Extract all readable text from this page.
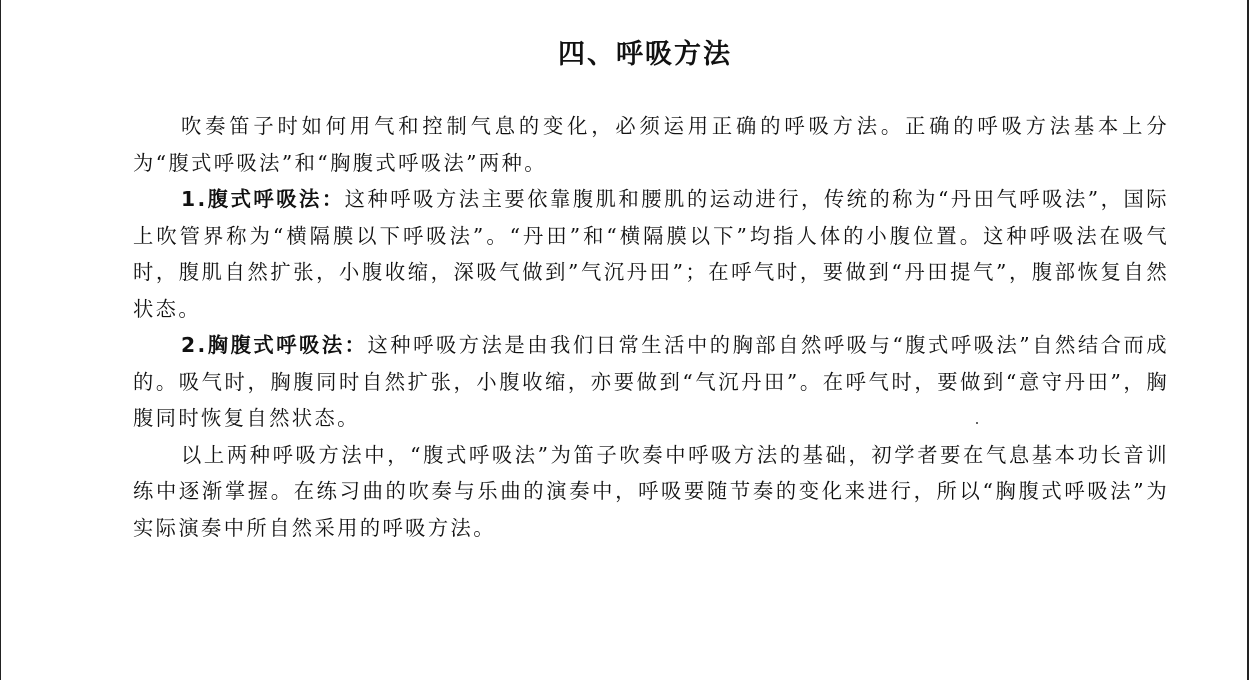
四、呼吸方法

吹奏笛子时如何用气和控制气息的变化，必须运用正确的呼吸方法。正确的呼吸方法基本上分为“腹式呼吸法”和“胸腹式呼吸法”两种。

1.腹式呼吸法：这种呼吸方法主要依靠腹肌和腰肌的运动进行，传统的称为“丹田气呼吸法”，国际上吹管界称为“横隔膜以下呼吸法”。“丹田”和“横隔膜以下”均指人体的小腹位置。这种呼吸法在吸气时，腹肌自然扩张，小腹收缩，深吸气做到”气沉丹田”；在呼气时，要做到“丹田提气”，腹部恢复自然状态。

2.胸腹式呼吸法：这种呼吸方法是由我们日常生活中的胸部自然呼吸与“腹式呼吸法”自然结合而成的。吸气时，胸腹同时自然扩张，小腹收缩，亦要做到“气沉丹田”。在呼气时，要做到“意守丹田”，胸腹同时恢复自然状态。

以上两种呼吸方法中，“腹式呼吸法”为笛子吹奏中呼吸方法的基础，初学者要在气息基本功长音训练中逐渐掌握。在练习曲的吹奏与乐曲的演奏中，呼吸要随节奏的变化来进行，所以“胸腹式呼吸法”为实际演奏中所自然采用的呼吸方法。
